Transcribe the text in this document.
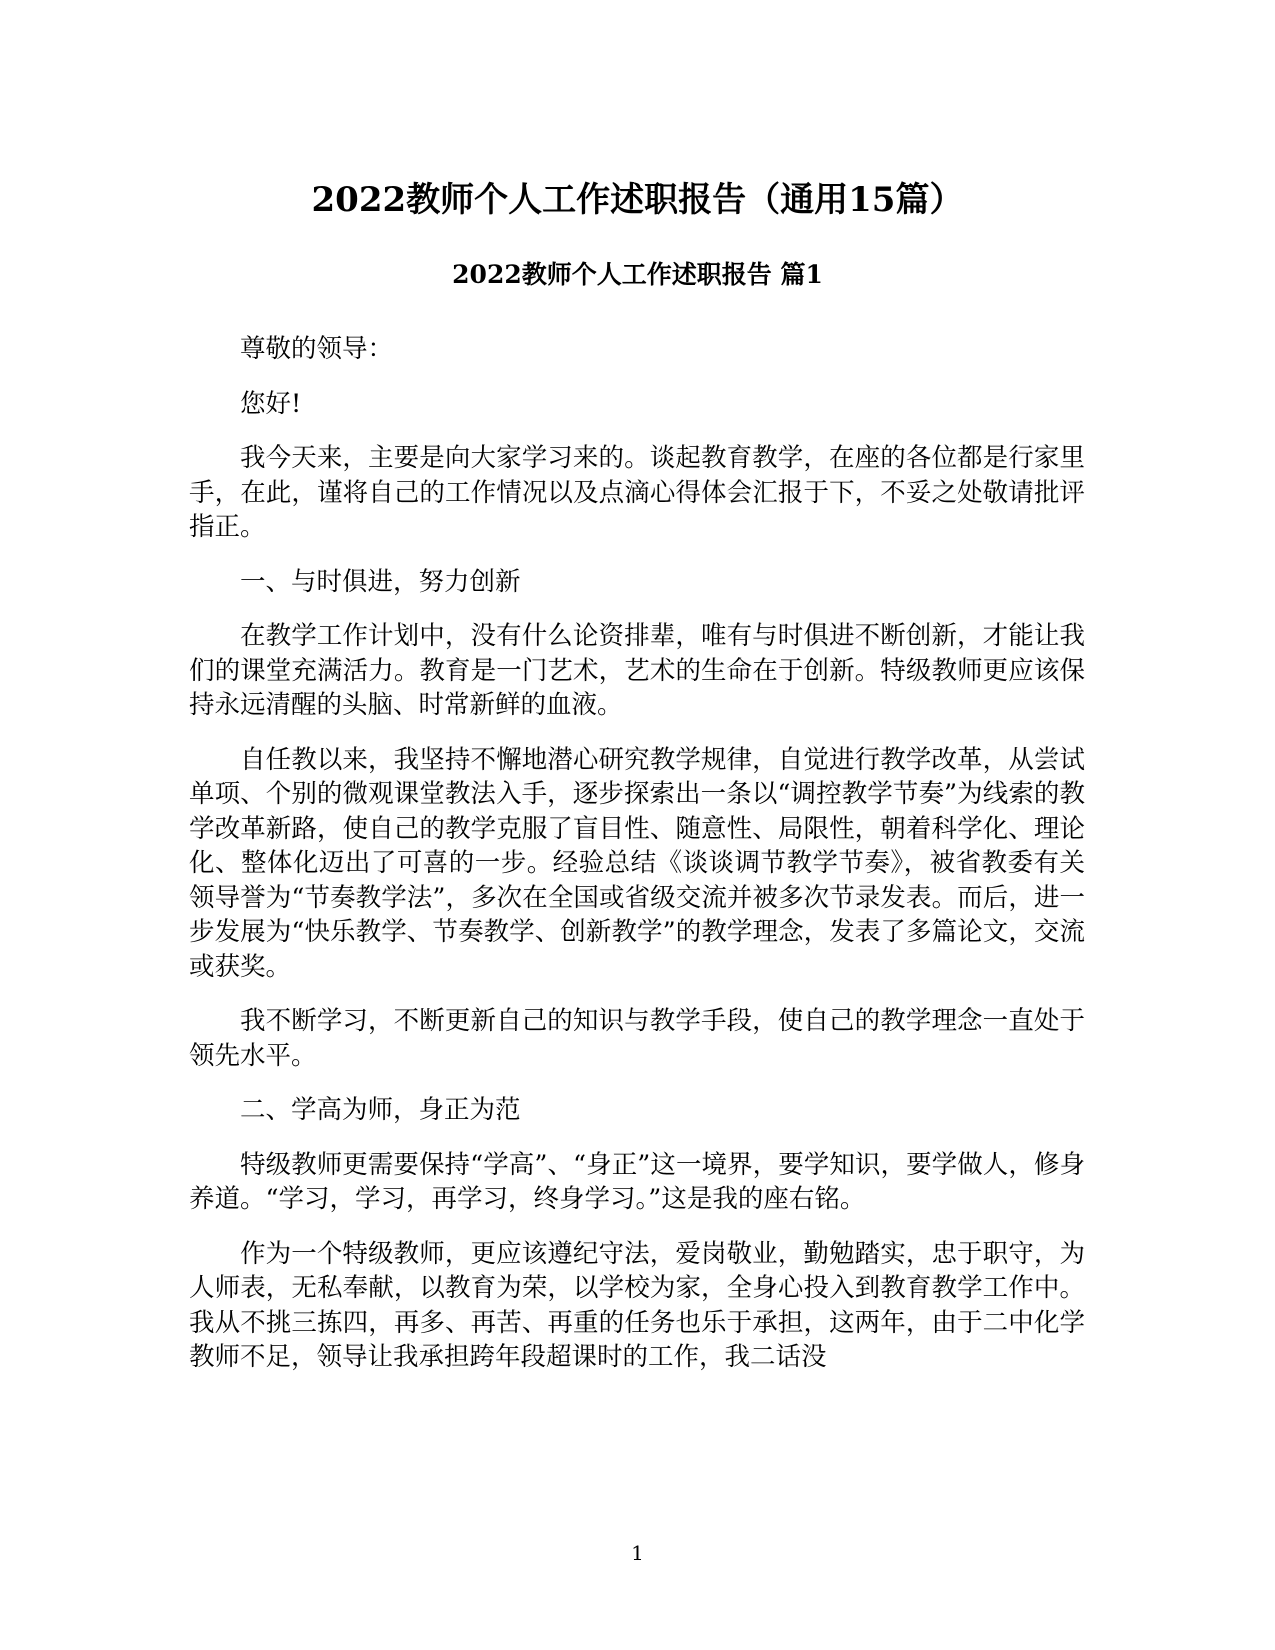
2022教师个人工作述职报告（通用15篇）
2022教师个人工作述职报告 篇1

尊敬的领导：

您好!

我今天来，主要是向大家学习来的。谈起教育教学，在座的各位都是行家里手，在此，谨将自己的工作情况以及点滴心得体会汇报于下，不妥之处敬请批评指正。

一、与时俱进，努力创新

在教学工作计划中，没有什么论资排辈，唯有与时俱进不断创新，才能让我们的课堂充满活力。教育是一门艺术，艺术的生命在于创新。特级教师更应该保持永远清醒的头脑、时常新鲜的血液。

自任教以来，我坚持不懈地潜心研究教学规律，自觉进行教学改革，从尝试单项、个别的微观课堂教法入手，逐步探索出一条以“调控教学节奏”为线索的教学改革新路，使自己的教学克服了盲目性、随意性、局限性，朝着科学化、理论化、整体化迈出了可喜的一步。经验总结《谈谈调节教学节奏》，被省教委有关领导誉为“节奏教学法”，多次在全国或省级交流并被多次节录发表。而后，进一步发展为“快乐教学、节奏教学、创新教学”的教学理念，发表了多篇论文，交流或获奖。

我不断学习，不断更新自己的知识与教学手段，使自己的教学理念一直处于领先水平。

二、学高为师，身正为范

特级教师更需要保持“学高”、“身正”这一境界，要学知识，要学做人，修身养道。“学习，学习，再学习，终身学习。”这是我的座右铭。

作为一个特级教师，更应该遵纪守法，爱岗敬业，勤勉踏实，忠于职守，为人师表，无私奉献，以教育为荣，以学校为家，全身心投入到教育教学工作中。我从不挑三拣四，再多、再苦、再重的任务也乐于承担，这两年，由于二中化学教师不足，领导让我承担跨年段超课时的工作，我二话没

1
